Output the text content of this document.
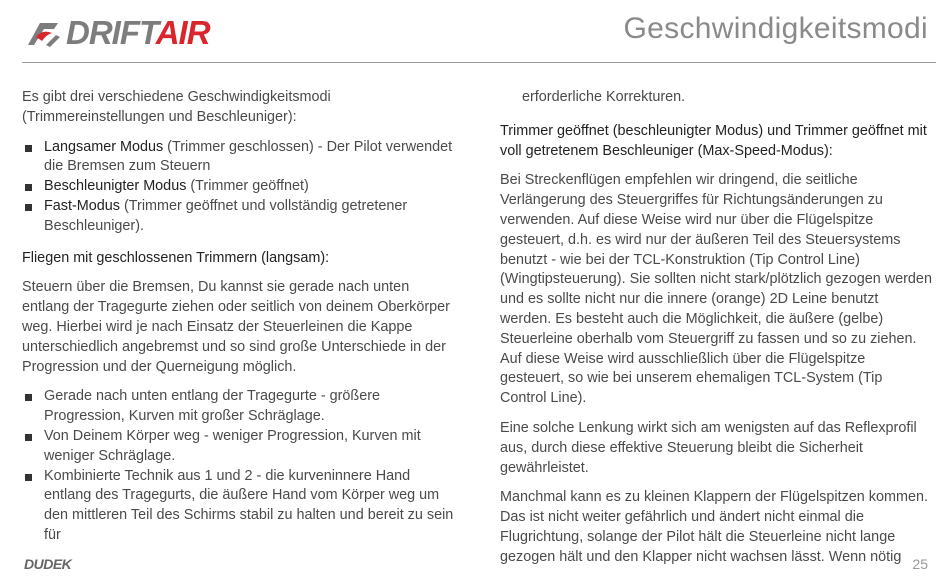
DRIFTAIR	Geschwindigkeitsmodi

Es gibt drei verschiedene Geschwindigkeitsmodi (Trimmereinstellungen und Beschleuniger):

Langsamer Modus (Trimmer geschlossen) - Der Pilot verwendet die Bremsen zum Steuern
Beschleunigter Modus (Trimmer geöffnet)
Fast-Modus (Trimmer geöffnet und vollständig getretener Beschleuniger).

Fliegen mit geschlossenen Trimmern (langsam):

Steuern über die Bremsen, Du kannst sie gerade nach unten entlang der Tragegurte ziehen oder seitlich von deinem Oberkörper weg. Hierbei wird je nach Einsatz der Steuerleinen die Kappe unterschiedlich angebremst und so sind große Unterschiede in der Progression und der Querneigung möglich.

Gerade nach unten entlang der Tragegurte - größere Progression, Kurven mit großer Schräglage.
Von Deinem Körper weg - weniger Progression, Kurven mit weniger Schräglage.
Kombinierte Technik aus 1 und 2 - die kurveninnere Hand entlang des Tragegurts, die äußere Hand vom Körper weg um den mittleren Teil des Schirms stabil zu halten und bereit zu sein für

erforderliche Korrekturen.

Trimmer geöffnet (beschleunigter Modus) und Trimmer geöffnet mit voll getretenem Beschleuniger (Max-Speed-Modus):

Bei Streckenflügen empfehlen wir dringend, die seitliche Verlängerung des Steuergriffes für Richtungsänderungen zu verwenden. Auf diese Weise wird nur über die Flügelspitze gesteuert, d.h. es wird nur der äußeren Teil des Steuersystems benutzt - wie bei der TCL-Konstruktion (Tip Control Line) (Wingtipsteuerung). Sie sollten nicht stark/plötzlich gezogen werden und es sollte nicht nur die innere (orange) 2D Leine benutzt werden. Es besteht auch die Möglichkeit, die äußere (gelbe) Steuerleine oberhalb vom Steuergriff zu fassen und so zu ziehen. Auf diese Weise wird ausschließlich über die Flügelspitze gesteuert, so wie bei unserem ehemaligen TCL-System (Tip Control Line).

Eine solche Lenkung wirkt sich am wenigsten auf das Reflexprofil aus, durch diese effektive Steuerung bleibt die Sicherheit gewährleistet.

Manchmal kann es zu kleinen Klappern der Flügelspitzen kommen. Das ist nicht weiter gefährlich und ändert nicht einmal die Flugrichtung, solange der Pilot hält die Steuerleine nicht lange gezogen hält und den Klapper nicht wachsen lässt. Wenn nötig

DUDEK	25
